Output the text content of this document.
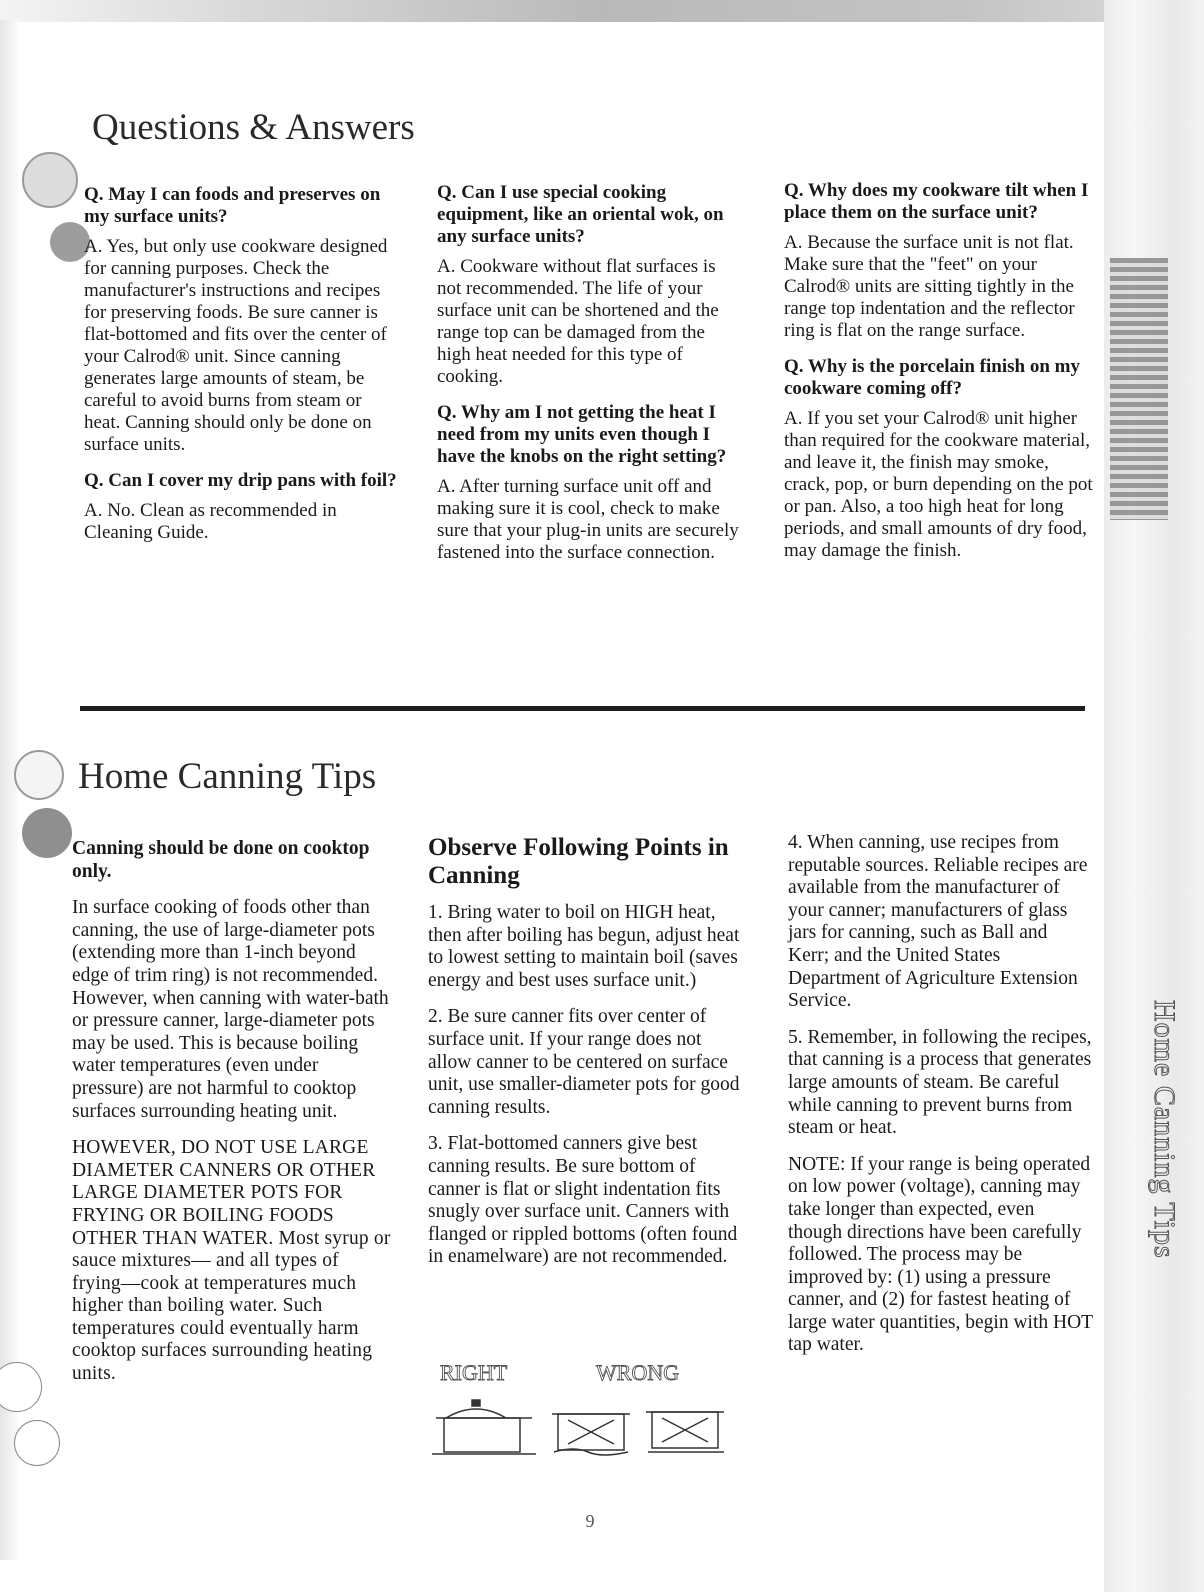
Home Canning Tips
Questions & Answers

Q. May I can foods and preserves on my surface units?

A. Yes, but only use cookware designed for canning purposes. Check the manufacturer's instructions and recipes for preserving foods. Be sure canner is flat-bottomed and fits over the center of your Calrod® unit. Since canning generates large amounts of steam, be careful to avoid burns from steam or heat. Canning should only be done on surface units.

Q. Can I cover my drip pans with foil?

A. No. Clean as recommended in Cleaning Guide.

Q. Can I use special cooking equipment, like an oriental wok, on any surface units?

A. Cookware without flat surfaces is not recommended. The life of your surface unit can be shortened and the range top can be damaged from the high heat needed for this type of cooking.

Q. Why am I not getting the heat I need from my units even though I have the knobs on the right setting?

A. After turning surface unit off and making sure it is cool, check to make sure that your plug-in units are securely fastened into the surface connection.

Q. Why does my cookware tilt when I place them on the surface unit?

A. Because the surface unit is not flat. Make sure that the "feet" on your Calrod® units are sitting tightly in the range top indentation and the reflector ring is flat on the range surface.

Q. Why is the porcelain finish on my cookware coming off?

A. If you set your Calrod® unit higher than required for the cookware material, and leave it, the finish may smoke, crack, pop, or burn depending on the pot or pan. Also, a too high heat for long periods, and small amounts of dry food, may damage the finish.

Home Canning Tips

Canning should be done on cooktop only.

In surface cooking of foods other than canning, the use of large-diameter pots (extending more than 1-inch beyond edge of trim ring) is not recommended. However, when canning with water-bath or pressure canner, large-diameter pots may be used. This is because boiling water temperatures (even under pressure) are not harmful to cooktop surfaces surrounding heating unit.

HOWEVER, DO NOT USE LARGE DIAMETER CANNERS OR OTHER LARGE DIAMETER POTS FOR FRYING OR BOILING FOODS OTHER THAN WATER. Most syrup or sauce mixtures— and all types of frying—cook at temperatures much higher than boiling water. Such temperatures could eventually harm cooktop surfaces surrounding heating units.

Observe Following Points in Canning

1. Bring water to boil on HIGH heat, then after boiling has begun, adjust heat to lowest setting to maintain boil (saves energy and best uses surface unit.)

2. Be sure canner fits over center of surface unit. If your range does not allow canner to be centered on surface unit, use smaller-diameter pots for good canning results.

3. Flat-bottomed canners give best canning results. Be sure bottom of canner is flat or slight indentation fits snugly over surface unit. Canners with flanged or rippled bottoms (often found in enamelware) are not recommended.

RIGHT	WRONG

4. When canning, use recipes from reputable sources. Reliable recipes are available from the manufacturer of your canner; manufacturers of glass jars for canning, such as Ball and Kerr; and the United States Department of Agriculture Extension Service.

5. Remember, in following the recipes, that canning is a process that generates large amounts of steam. Be careful while canning to prevent burns from steam or heat.

NOTE: If your range is being operated on low power (voltage), canning may take longer than expected, even though directions have been carefully followed. The process may be improved by: (1) using a pressure canner, and (2) for fastest heating of large water quantities, begin with HOT tap water.

9
